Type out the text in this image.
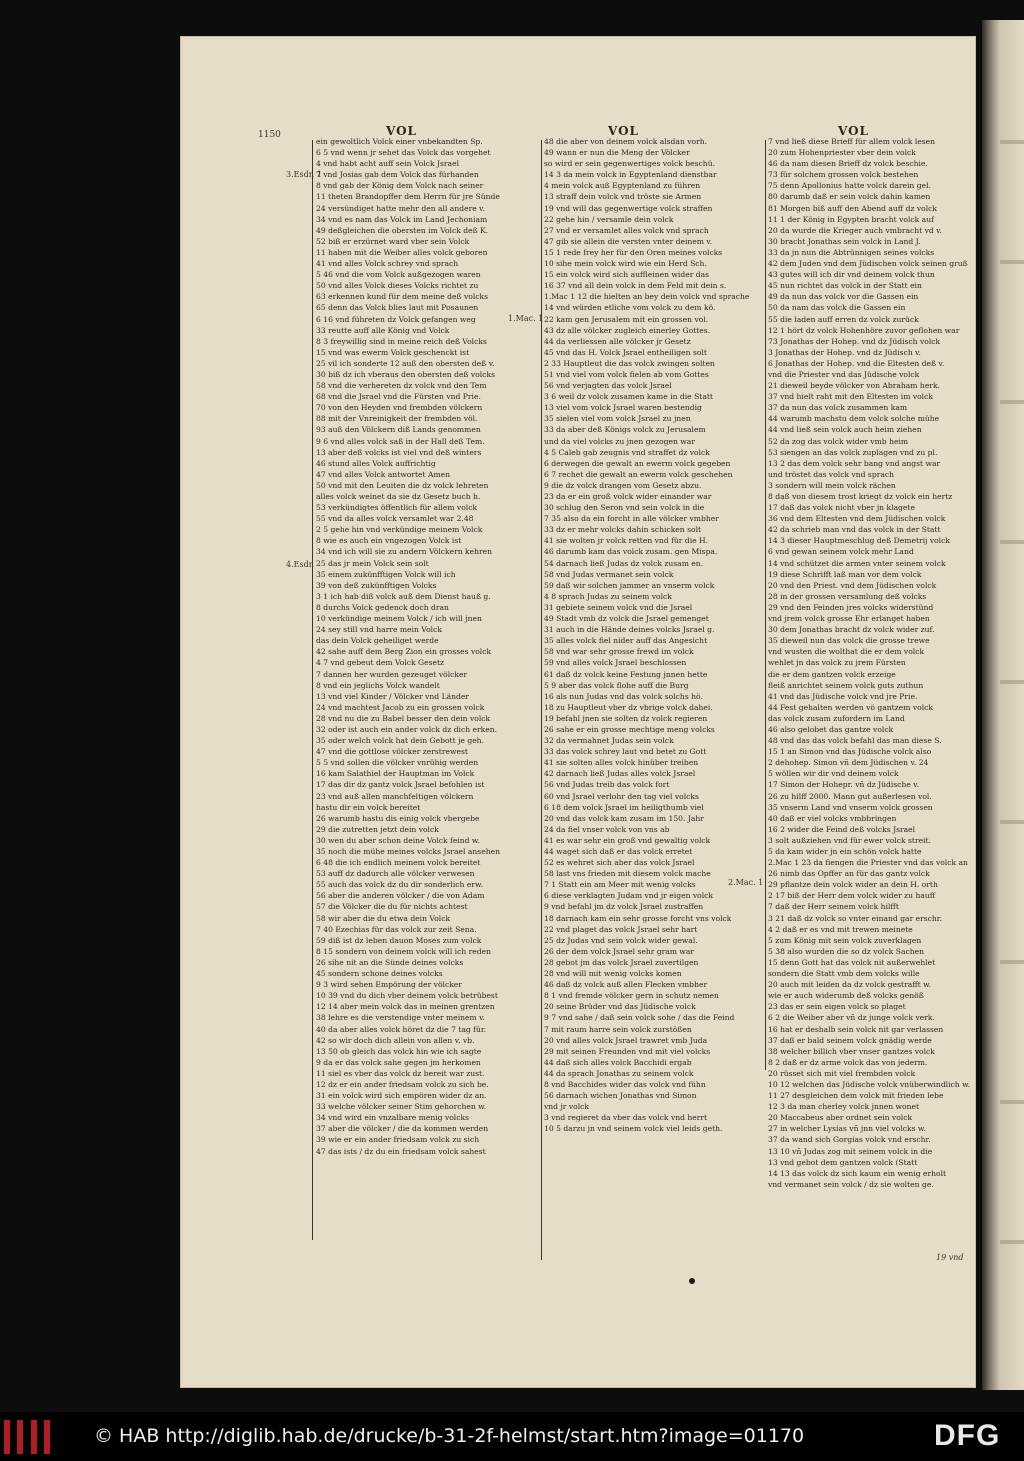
1150	VOL	VOL	VOL
3.Esdr. 1
4.Esdr.
1.Mac. 1
2.Mac. 1
ein gewoltlich Volck einer vnbekandten Sp.
6 5 vnd wenn jr sehet das Volck das vorgehet
4 vnd habt acht auff sein Volck Jsrael
7 vnd Josias gab dem Volck das fürhanden
8 vnd gab der König dem Volck nach seiner
11 theten Brandopffer dem Herrn für jre Sünde
24 versündiget hatte mehr den all andere v.
34 vnd es nam das Volck im Land Jechoniam
49 deßgleichen die obersten im Volck deß K.
52 biß er erzürnet ward vber sein Volck
11 haben mit die Weiber alles volck geboren
41 vnd alles Volck schrey vnd sprach
5 46 vnd die vom Volck außgezogen waren
50 vnd alles Volck dieses Volcks richtet zu
63 erkennen kund für dem meine deß volcks
65 denn das Volck blies laut mit Posaunen
6 16 vnd führeten dz Volck gefangen weg
33 reutte auff alle König vnd Volck
8 3 freywillig sind in meine reich deß Volcks
15 vnd was ewerm Volck geschenckt ist
25 vil ich sonderte 12 auß den obersten deß v.
30 biß dz ich vberaus den obersten deß volcks
58 vnd die verhereten dz volck vnd den Tem
68 vnd die Jsrael vnd die Fürsten vnd Prie.
70 von den Heyden vnd frembden völckern
88 mit der Vnreinigkeit der frembden völ.
93 auß den Völckern diß Lands genommen
9 6 vnd alles volck saß in der Hall deß Tem.
13 aber deß volcks ist viel vnd deß winters
46 stund alles Volck auffrichtig
47 vnd alles Volck antwortet Amen
50 vnd mit den Leuiten die dz volck lehreten
alles volck weinet da sie dz Gesetz buch h.
53 verkündigtes öffentlich für allem volck
55 vnd da alles volck versamlet war 2.48
2 5 gehe hin vnd verkündige meinem Volck
8 wie es auch ein vngezogen Volck ist
34 vnd ich will sie zu andern Völckern kehren
25 das jr mein Volck sein solt
35 einem zukünfftigen Volck will ich
39 von deß zukünfftigen Volcks
3 1 ich hab diß volck auß dem Dienst hauß g.
8 durchs Volck gedenck doch dran
10 verkündige meinem Volck / ich will jnen
24 sey still vnd harre mein Volck
das dein Volck geheiliget werde
42 sahe auff dem Berg Zion ein grosses volck
4 7 vnd gebeut dem Volck Gesetz
7 dannen her wurden gezeuget völcker
8 vnd ein jeglichs Volck wandelt
13 vnd viel Kinder / Völcker vnd Länder
24 vnd machtest Jacob zu ein grossen volck
28 vnd nu die zu Babel besser den dein volck
32 oder ist auch ein ander volck dz dich erken.
35 oder welch volck hat dein Gebott je geh.
47 vnd die gottlose völcker zerstrewest
5 5 vnd sollen die völcker vnrühig werden
16 kam Salathiel der Hauptman im Volck
17 das dir dz gantz volck Jsrael befohlen ist
23 vnd auß allen manchfeltigen völckern
hastu dir ein volck bereitet
26 warumb hastu dis einig volck vbergebe
29 die zutretten jetzt dein volck
30 wen du aber schon deine Volck feind w.
35 noch die mühe meines volcks Jsrael ansehen
6 48 die ich endlich meinem volck bereitet
53 auff dz dadurch alle völcker verwesen
55 auch das volck dz du dir sonderlich erw.
56 aber die anderen völcker / die von Adam
57 die Völcker die du für nichts achtest
58 wir aber die du etwa dein Volck
7 40 Ezechias für das volck zur zeit Sena.
59 diß ist dz leben dauon Moses zum volck
8 15 sondern von deinem volck will ich reden
26 sihe nit an die Sünde deines volcks
45 sondern schone deines volcks
9 3 wird sehen Empörung der völcker
10 39 vnd du dich vber deinem volck betrübest
12 14 aber mein volck das in meinen grentzen
38 lehre es die verstendige vnter meinem v.
40 da aber alles volck höret dz die 7 tag für.
42 so wir doch dich allein von allen v. vb.
13 50 ob gleich das volck hin wie ich sagte
9 da er das volck sahe gegen jm herkomen
11 siel es vber das volck dz bereit war zust.
12 dz er ein ander friedsam volck zu sich be.
31 ein volck wird sich empören wider dz an.
33 welche völcker seiner Stim gehorchen w.
34 vnd wird ein vnzalbare menig volcks
37 aber die völcker / die da kommen werden
39 wie er ein ander friedsam volck zu sich
47 das ists / dz du ein friedsam volck sahest
48 die aber von deinem volck alsdan vorh.
49 wann er nun die Meng der Völcker
so wird er sein gegenwertiges volck beschü.
14 3 da mein volck in Egyptenland dienstbar
4 mein volck auß Egyptenland zu führen
13 straff dein volck vnd tröste sie Armen
19 vnd will das gegenwertige volck straffen
22 gehe hin / versamle dein volck
27 vnd er versamlet alles volck vnd sprach
47 gib sie allein die versten vnter deinem v.
15 1 rede frey her für den Oren meines volcks
10 sihe mein volck wird wie ein Herd Sch.
15 ein volck wird sich auffleinen wider das
16 37 vnd all dein volck in dem Feld mit dein s.
1.Mac 1 12 die hielten an bey dein volck vnd sprache
14 vnd würden etliche vom volck zu dem kö.
22 kam gen Jerusalem mit ein grossen vol.
43 dz alle völcker zugleich einerley Gottes.
44 da verliessen alle völcker jr Gesetz
45 vnd das H. Volck Jsrael entheiligen solt
2 33 Hauptleut die das volck zwingen solten
51 vnd viel vom volck fielen ab vom Gottes
56 vnd verjagten das volck Jsrael
3 6 weil dz volck zusamen kame in die Statt
13 viel vom volck Jsrael waren bestendig
35 sielen viel vom volck Jsrael zu jnen
33 da aber deß Königs volck zu Jerusalem
und da viel volcks zu jnen gezogen war
4 5 Caleb gab zeugnis vnd straffet dz volck
6 derwegen die gewalt an ewerm volck gegeben
6 7 rechet die gewalt an ewerm volck geschehen
9 die dz volck drangen vom Gesetz abzu.
23 da er ein groß volck wider einander war
30 schlug den Seron vnd sein volck in die
7 35 also da ein forcht in alle völcker vmbher
33 dz er mehr volcks dahin schicken solt
41 sie wolten jr volck retten vnd für die H.
46 darumb kam das volck zusam. gen Mispa.
54 darnach ließ Judas dz volck zusam en.
58 vnd Judas vermanet sein volck
59 daß wir solchen jammer an vnserm volck
4 8 sprach Judas zu seinem volck
31 gebiete seinem volck vnd die Jsrael
49 Stadt vmb dz volck die Jsrael gemenget
31 auch in die Hände deines volcks Jsrael g.
35 alles volck fiel nider auff das Angesicht
58 vnd war sehr grosse frewd im volck
59 vnd alles volck Jsrael beschlossen
61 daß dz volck keine Festung jnnen hette
5 9 aber das volck flohe auff die Burg
16 als nun Judas vnd das volck solchs hö.
18 zu Hauptleut vber dz vbrige volck dahei.
19 befahl jnen sie solten dz volck regieren
26 sahe er ein grosse mechtige meng volcks
32 da vermahnet Judas sein volck
33 das volck schrey laut vnd betet zu Gott
41 sie solten alles volck hinüber treiben
42 darnach ließ Judas alles volck Jsrael
56 vnd Judas treib das volck fort
60 vnd Jsrael verlohr den tag viel volcks
6 18 dem volck Jsrael im heiligthumb viel
20 vnd das volck kam zusam im 150. Jahr
24 da fiel vnser volck von vns ab
41 es war sehr ein groß vnd gewaltig volck
44 waget sich daß er das volck erretet
52 es wehret sich aber das volck Jsrael
58 last vns frieden mit diesem volck mache
7 1 Statt ein am Meer mit wenig volcks
6 diese verklagten Judam vnd jr eigen volck
9 vnd befahl jm dz volck Jsrael zustraffen
18 darnach kam ein sehr grosse forcht vns volck
22 vnd plaget das volck Jsrael sehr hart
25 dz Judas vnd sein volck wider gewal.
26 der dem volck Jsrael sehr gram war
28 gebot jm das volck Jsrael zuvertilgen
28 vnd will mit wenig volcks komen
46 daß dz volck auß allen Flecken vmbher
8 1 vnd fremde völcker gern in schutz nemen
20 seine Brüder vnd das Jüdische volck
9 7 vnd sahe / daß sein volck sohe / das die Feind
7 mit raum harre sein volck zurstößen
20 vnd alles volck Jsrael trawret vmb Juda
29 mit seinen Freunden vnd mit viel volcks
44 daß sich alles volck Bacchidi ergab
44 da sprach Jonathas zu seinem volck
8 vnd Bacchides wider das volck vnd fühn
56 darnach wichen Jonathas vnd Simon
vnd jr volck
3 vnd regieret da vber das volck vnd herrt
10 5 darzu jn vnd seinem volck viel leids geth.
7 vnd ließ diese Brieff für allem volck lesen
20 zum Hohenpriester vber dein volck
46 da nam diesen Brieff dz volck beschie.
73 für solchem grossen volck bestehen
75 denn Apollonius hatte volck darein gel.
80 darumb daß er sein volck dahin kamen
81 Morgen biß auff den Abend auff dz volck
11 1 der König in Egypten bracht volck auf
20 da wurde die Krieger auch vmbracht vd v.
30 bracht Jonathas sein volck in Land J.
33 da jn nun die Abtrünnigen seines volcks
42 dem Juden vnd dem Jüdischen volck seinen gruß
43 gutes will ich dir vnd deinem volck thun
45 nun richtet das volck in der Statt ein
49 da nun das volck vor die Gassen ein
50 da nam das volck die Gassen ein
55 die laden auff erren dz volck zurück
12 1 hört dz volck Hohenhöre zuvor geflohen war
73 Jonathas der Hohep. vnd dz Jüdisch volck
3 Jonathas der Hohep. vnd dz Jüdisch v.
6 Jonathas der Hohep. vnd die Eltesten deß v.
vnd die Priester vnd das Jüdische volck
21 dieweil beyde völcker von Abraham herk.
37 vnd hielt raht mit den Eltesten im volck
37 da nun das volck zusammen kam
44 warumb machstu dem volck solche mühe
44 vnd ließ sein volck auch heim ziehen
52 da zog das volck wider vmb heim
53 siengen an das volck zuplagen vnd zu pl.
13 2 das dem volck sehr bang vnd angst war
und tröstet das volck vnd sprach
3 sondern will mein volck rächen
8 daß von diesem trost kriegt dz volck ein hertz
17 daß das volck nicht vber jn klagete
36 vnd dem Eltesten vnd dem Jüdischen volck
42 da schrieb man vnd das volck in der Statt
14 3 dieser Hauptmeschlug deß Demetrij volck
6 vnd gewan seinem volck mehr Land
14 vnd schützet die armen vnter seinem volck
19 diese Schrifft laß man vor dem volck
20 vnd den Priest. vnd dem Jüdischen volck
28 in der grossen versamlung deß volcks
29 vnd den Feinden jres volcks widerstünd
vnd jrem volck grosse Ehr erlanget haben
30 dem Jonathas bracht dz volck wider zuf.
35 dieweil nun das volck die grosse trewe
vnd wusten die wolthat die er dem volck
wehlet jn das volck zu jrem Fürsten
die er dem gantzen volck erzeige
fleiß anrichtet seinem volck guts zuthun
41 vnd das Jüdische volck vnd jre Prie.
44 Fest gehalten werden vö gantzem volck
das volck zusam zufordern im Land
46 also gelobet das gantze volck
48 vnd das das volck befahl das man diese S.
15 1 an Simon vnd das Jüdische volck also
2 dehohep. Simon vñ dem Jüdischen v. 24
5 wöllen wir dir vnd deinem volck
17 Simon der Hohepr. vñ dz Jüdische v.
26 zu hilff 2000. Mann gut außerlesen vol.
35 vnserm Land vnd vnserm volck grossen
40 daß er viel volcks vmbbringen
16 2 wider die Feind deß volcks Jsrael
3 solt außziehen vnd für ewer volck streit.
5 da kam wider jn ein schön volck hatte
2.Mac 1 23 da fiengen die Priester vnd das volck an
26 nimb das Opffer an für das gantz volck
29 pflantze dein volck wider an dein H. orth
2 17 biß der Herr dem volck wider zu hauff
7 daß der Herr seinem volck hilfft
3 21 daß dz volck so vnter einand gar erschr.
4 2 daß er es vnd mit trewen meinete
5 zum König mit sein volck zuverklagen
5 38 also wurden die so dz volck Sachen
15 denn Gott hat das volck nit außerwehlet
sondern die Statt vmb dem volcks wille
20 auch mit leiden da dz volck gestrafft w.
wie er auch widerumb deß volcks genöß
23 das er sein eigen volck so plaget
6 2 die Weiber aber vñ dz junge volck verk.
16 hat er deshalb sein volck nit gar verlassen
37 daß er bald seinem volck gnädig werde
38 welcher billich vber vnser gantzes volck
8 2 daß er dz arme volck das von jederm.
20 rüsset sich mit viel frembden volck
10 12 welchen das Jüdische volck vnüberwindlich w.
11 27 desgleichen dem volck mit frieden lebe
12 3 da man cherley volck jnnen wonet
20 Maccabeus aber ordnet sein volck
27 in welcher Lysias vñ jnn viel volcks w.
37 da wand sich Gorgias volck vnd erschr.
13 10 vñ Judas zog mit seinem volck in die
13 vnd gebot dem gantzen volck (Statt
14 13 das volck dz sich kaum ein wenig erholt
vnd vermanet sein volck / dz sie wolten ge.
19 vnd
© HAB http://diglib.hab.de/drucke/b-31-2f-helmst/start.htm?image=01170	DFG
